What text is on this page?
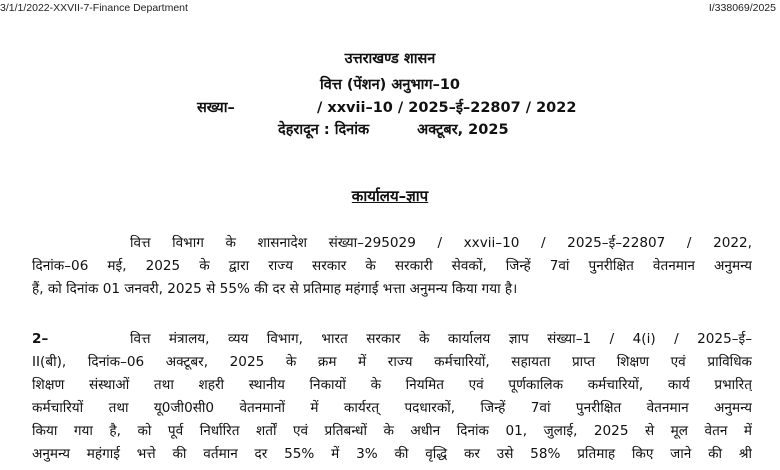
3/1/1/2022-XXVII-7-Finance Department	I/338069/2025
उत्तराखण्ड शासन
वित्त (पेंशन) अनुभाग–10
सख्या–	/ xxvii–10 / 2025–ई–22807 / 2022
देहरादून : दिनांक	अक्टूबर, 2025
कार्यालय–ज्ञाप
वित्त विभाग के शासनादेश संख्या–295029 / xxvii–10 / 2025–ई–22807 / 2022,
दिनांक–06 मई, 2025 के द्वारा राज्य सरकार के सरकारी सेवकों, जिन्हें 7वां पुनरीक्षित वेतनमान अनुमन्य
हैं, को दिनांक 01 जनवरी, 2025 से 55% की दर से प्रतिमाह महंगाई भत्ता अनुमन्य किया गया है।
2–	वित्त मंत्रालय, व्यय विभाग, भारत सरकार के कार्यालय ज्ञाप संख्या–1 / 4(i) / 2025–ई–
II(बी), दिनांक–06 अक्टूबर, 2025 के क्रम में राज्य कर्मचारियों, सहायता प्राप्त शिक्षण एवं प्राविधिक
शिक्षण संस्थाओं तथा शहरी स्थानीय निकायों के नियमित एवं पूर्णकालिक कर्मचारियों, कार्य प्रभारित्
कर्मचारियों तथा यू0जी0सी0 वेतनमानों में कार्यरत् पदधारकों, जिन्हें 7वां पुनरीक्षित वेतनमान अनुमन्य
किया गया है, को पूर्व निर्धारित शर्तों एवं प्रतिबन्धों के अधीन दिनांक 01, जुलाई, 2025 से मूल वेतन में
अनुमन्य महंगाई भत्ते की वर्तमान दर 55% में 3% की वृद्धि कर उसे 58% प्रतिमाह किए जाने की श्री
